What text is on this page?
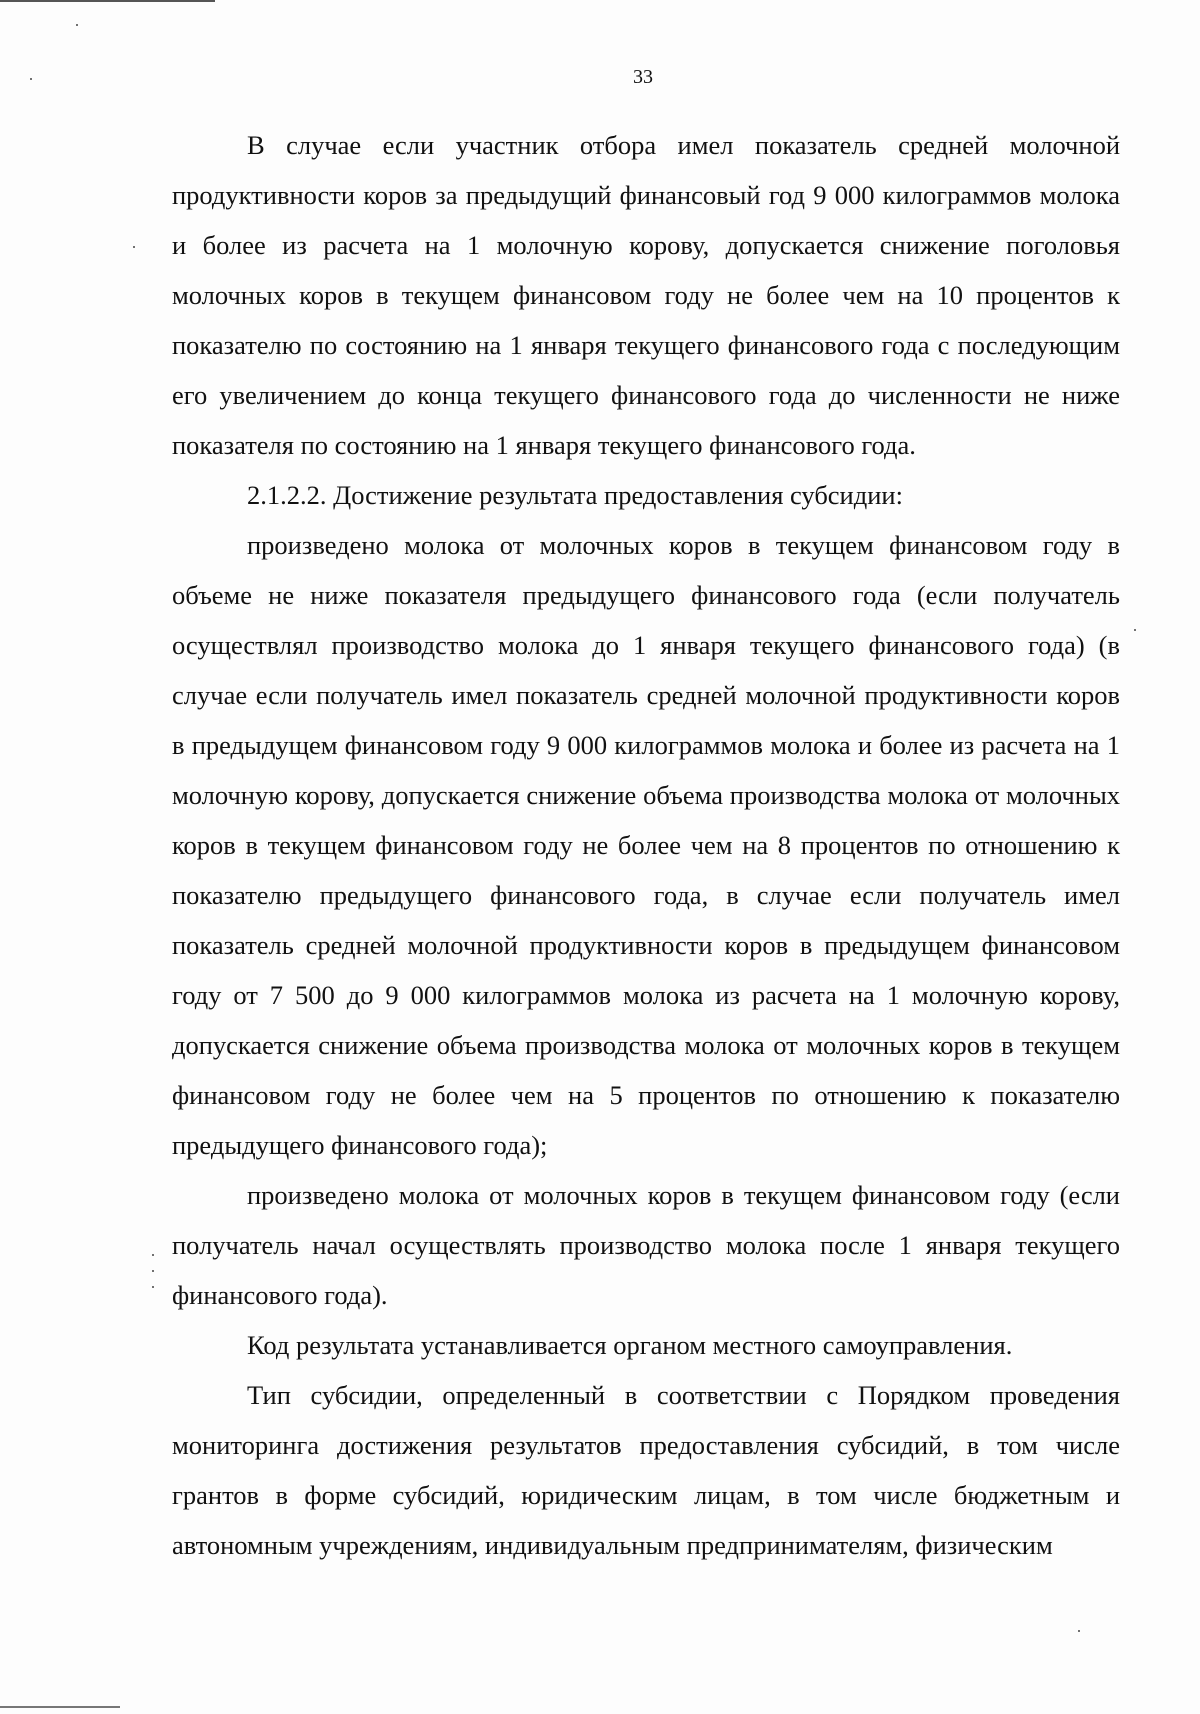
33

В случае если участник отбора имел показатель средней молочной продуктивности коров за предыдущий финансовый год 9 000 килограммов молока и более из расчета на 1 молочную корову, допускается снижение поголовья молочных коров в текущем финансовом году не более чем на 10 процентов к показателю по состоянию на 1 января текущего финансового года с последующим его увеличением до конца текущего финансового года до численности не ниже показателя по состоянию на 1 января текущего финансового года.

2.1.2.2. Достижение результата предоставления субсидии:

произведено молока от молочных коров в текущем финансовом году в объеме не ниже показателя предыдущего финансового года (если получатель осуществлял производство молока до 1 января текущего финансового года) (в случае если получатель имел показатель средней молочной продуктивности коров в предыдущем финансовом году 9 000 килограммов молока и более из расчета на 1 молочную корову, допускается снижение объема производства молока от молочных коров в текущем финансовом году не более чем на 8 процентов по отношению к показателю предыдущего финансового года, в случае если получатель имел показатель средней молочной продуктивности коров в предыдущем финансовом году от 7 500 до 9 000 килограммов молока из расчета на 1 молочную корову, допускается снижение объема производства молока от молочных коров в текущем финансовом году не более чем на 5 процентов по отношению к показателю предыдущего финансового года);

произведено молока от молочных коров в текущем финансовом году (если получатель начал осуществлять производство молока после 1 января текущего финансового года).

Код результата устанавливается органом местного самоуправления.

Тип субсидии, определенный в соответствии с Порядком проведения мониторинга достижения результатов предоставления субсидий, в том числе грантов в форме субсидий, юридическим лицам, в том числе бюджетным и автономным учреждениям, индивидуальным предпринимателям, физическим
